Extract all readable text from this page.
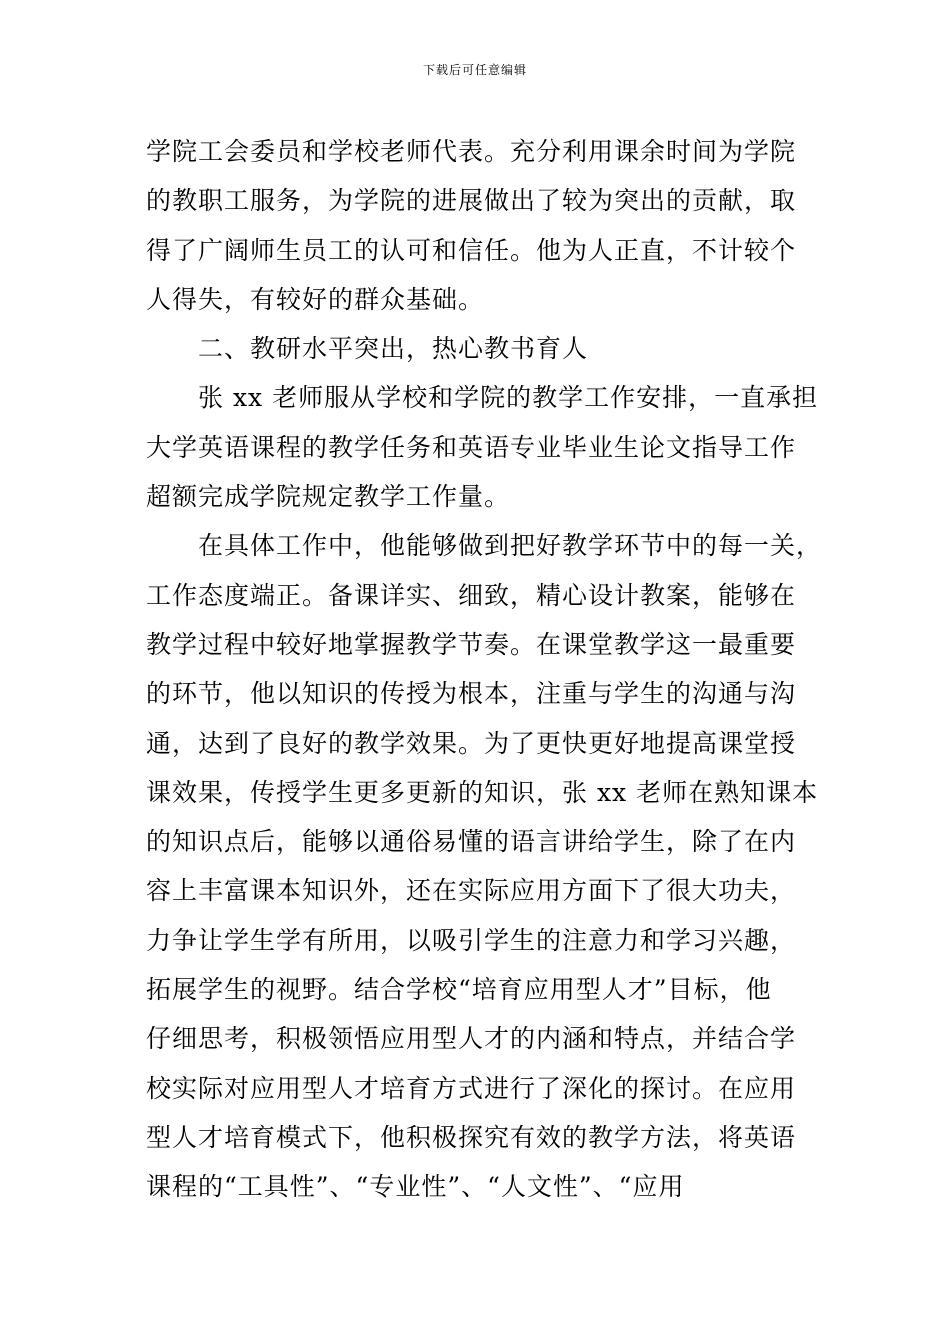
下载后可任意编辑
学院工会委员和学校老师代表。充分利用课余时间为学院
的教职工服务，为学院的进展做出了较为突出的贡献，取
得了广阔师生员工的认可和信任。他为人正直，不计较个
人得失，有较好的群众基础。
二、教研水平突出，热心教书育人
张 xx 老师服从学校和学院的教学工作安排，一直承担
大学英语课程的教学任务和英语专业毕业生论文指导工作
超额完成学院规定教学工作量。
在具体工作中，他能够做到把好教学环节中的每一关，
工作态度端正。备课详实、细致，精心设计教案，能够在
教学过程中较好地掌握教学节奏。在课堂教学这一最重要
的环节，他以知识的传授为根本，注重与学生的沟通与沟
通，达到了良好的教学效果。为了更快更好地提高课堂授
课效果，传授学生更多更新的知识，张 xx 老师在熟知课本
的知识点后，能够以通俗易懂的语言讲给学生，除了在内
容上丰富课本知识外，还在实际应用方面下了很大功夫，
力争让学生学有所用，以吸引学生的注意力和学习兴趣，
拓展学生的视野。结合学校“培育应用型人才”目标，他
仔细思考，积极领悟应用型人才的内涵和特点，并结合学
校实际对应用型人才培育方式进行了深化的探讨。在应用
型人才培育模式下，他积极探究有效的教学方法，将英语
课程的“工具性”、“专业性”、“人文性”、“应用
